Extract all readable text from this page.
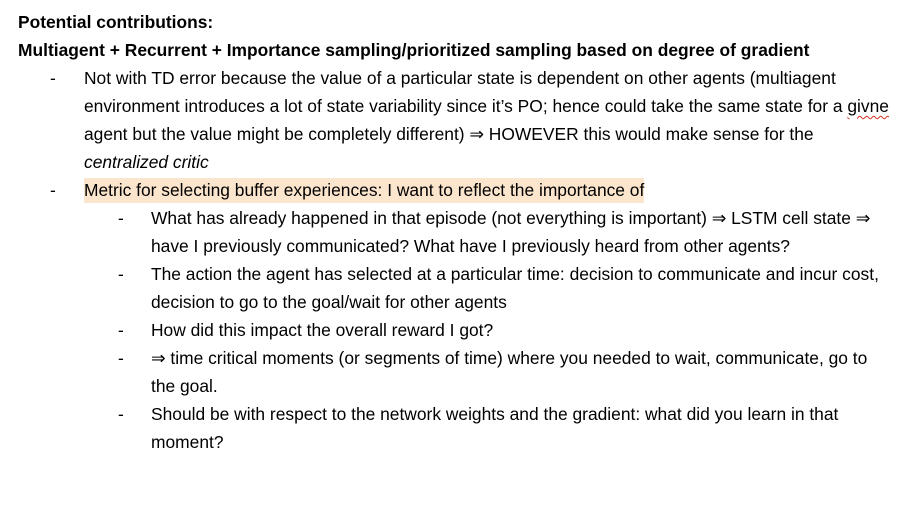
Potential contributions:

Multiagent + Recurrent + Importance sampling/prioritized sampling based on degree of gradient

- Not with TD error because the value of a particular state is dependent on other agents (multiagent environment introduces a lot of state variability since it’s PO; hence could take the same state for a givne agent but the value might be completely different) ⇒ HOWEVER this would make sense for the centralized critic
- Metric for selecting buffer experiences: I want to reflect the importance of
- What has already happened in that episode (not everything is important) ⇒ LSTM cell state ⇒ have I previously communicated? What have I previously heard from other agents?
- The action the agent has selected at a particular time: decision to communicate and incur cost, decision to go to the goal/wait for other agents
- How did this impact the overall reward I got?
- ⇒ time critical moments (or segments of time) where you needed to wait, communicate, go to the goal.
- Should be with respect to the network weights and the gradient: what did you learn in that moment?
